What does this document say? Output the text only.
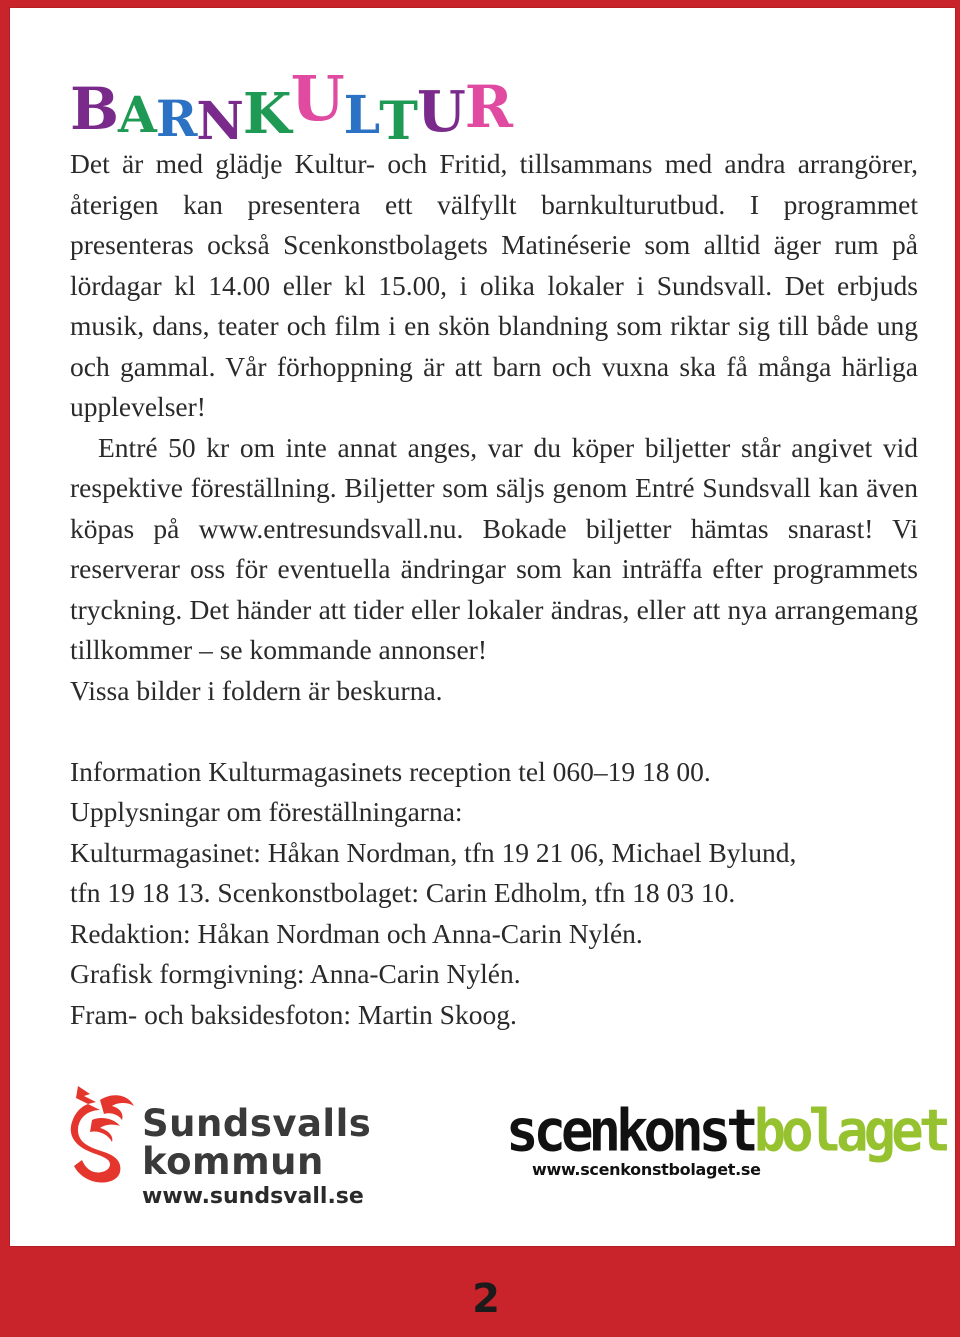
B A R N K U L T U R
Det är med glädje Kultur- och Fritid, tillsammans med andra arrangörer, återigen kan presentera ett välfyllt barnkulturutbud. I programmet presenteras också Scenkonstbolagets Matinéserie som alltid äger rum på lördagar kl 14.00 eller kl 15.00, i olika lokaler i Sundsvall. Det erbjuds musik, dans, teater och film i en skön blandning som riktar sig till både ung och gammal. Vår förhoppning är att barn och vuxna ska få många härliga upplevelser!
Entré 50 kr om inte annat anges, var du köper biljetter står angivet vid respektive föreställning. Biljetter som säljs genom Entré Sundsvall kan även köpas på www.entresundsvall.nu. Bokade biljetter hämtas snarast! Vi reserverar oss för eventuella ändringar som kan inträffa efter programmets tryckning. Det händer att tider eller lokaler ändras, eller att nya arrangemang tillkommer – se kommande annonser!
Vissa bilder i foldern är beskurna.
Information Kulturmagasinets reception tel 060–19 18 00.
Upplysningar om föreställningarna:
Kulturmagasinet: Håkan Nordman, tfn 19 21 06, Michael Bylund,
tfn 19 18 13. Scenkonstbolaget: Carin Edholm, tfn 18 03 10.
Redaktion: Håkan Nordman och Anna-Carin Nylén.
Grafisk formgivning: Anna-Carin Nylén.
Fram- och baksidesfoton: Martin Skoog.
Sundsvalls
kommun
www.sundsvall.se
scenkonstbolaget
www.scenkonstbolaget.se
2
